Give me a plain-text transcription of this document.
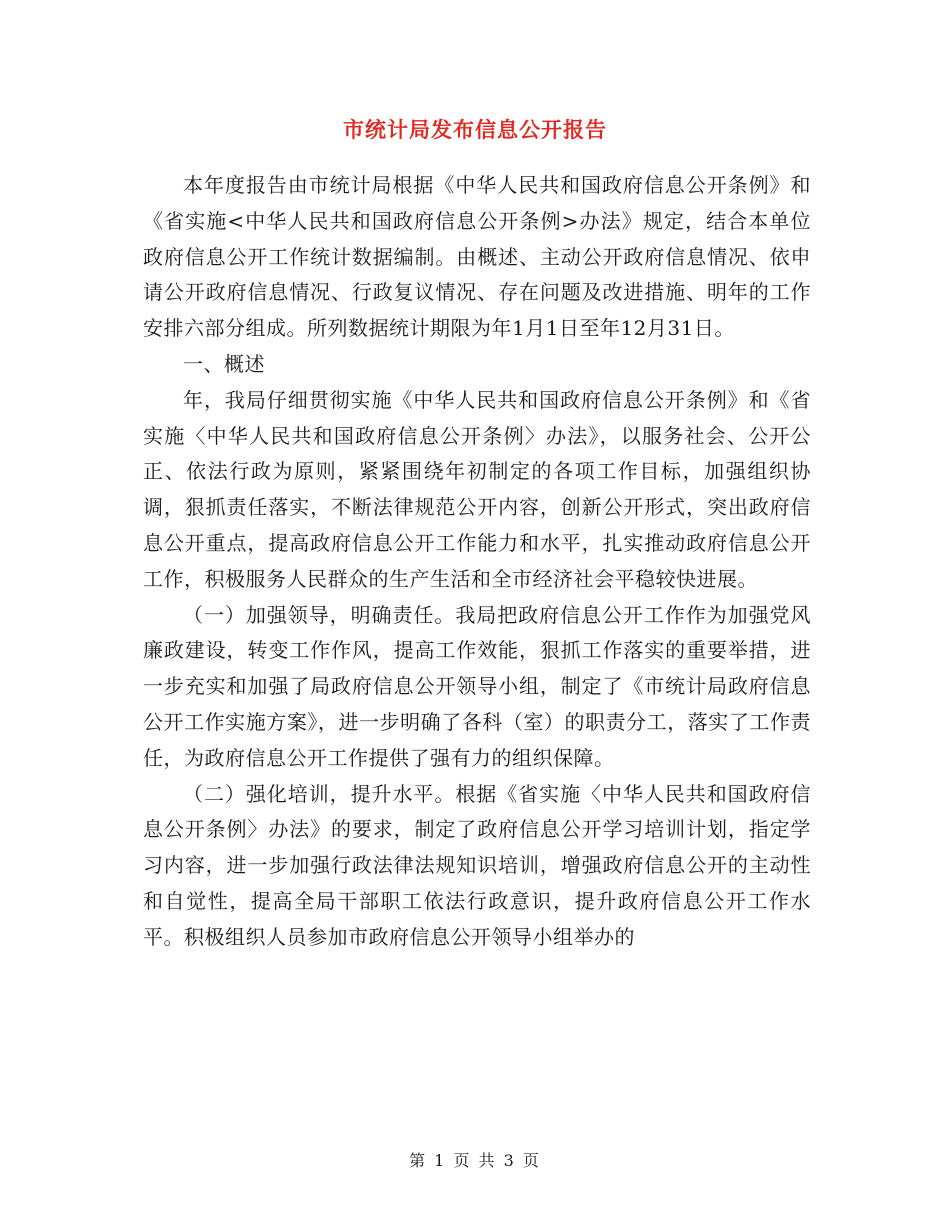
市统计局发布信息公开报告

本年度报告由市统计局根据《中华人民共和国政府信息公开条例》和《省实施<中华人民共和国政府信息公开条例>办法》规定，结合本单位政府信息公开工作统计数据编制。由概述、主动公开政府信息情况、依申请公开政府信息情况、行政复议情况、存在问题及改进措施、明年的工作安排六部分组成。所列数据统计期限为年1月1日至年12月31日。

一、概述

年，我局仔细贯彻实施《中华人民共和国政府信息公开条例》和《省实施〈中华人民共和国政府信息公开条例〉办法》，以服务社会、公开公正、依法行政为原则，紧紧围绕年初制定的各项工作目标，加强组织协调，狠抓责任落实，不断法律规范公开内容，创新公开形式，突出政府信息公开重点，提高政府信息公开工作能力和水平，扎实推动政府信息公开工作，积极服务人民群众的生产生活和全市经济社会平稳较快进展。

（一）加强领导，明确责任。我局把政府信息公开工作作为加强党风廉政建设，转变工作作风，提高工作效能，狠抓工作落实的重要举措，进一步充实和加强了局政府信息公开领导小组，制定了《市统计局政府信息公开工作实施方案》，进一步明确了各科（室）的职责分工，落实了工作责任，为政府信息公开工作提供了强有力的组织保障。

（二）强化培训，提升水平。根据《省实施〈中华人民共和国政府信息公开条例〉办法》的要求，制定了政府信息公开学习培训计划，指定学习内容，进一步加强行政法律法规知识培训，增强政府信息公开的主动性和自觉性，提高全局干部职工依法行政意识，提升政府信息公开工作水平。积极组织人员参加市政府信息公开领导小组举办的

第 1 页 共 3 页
